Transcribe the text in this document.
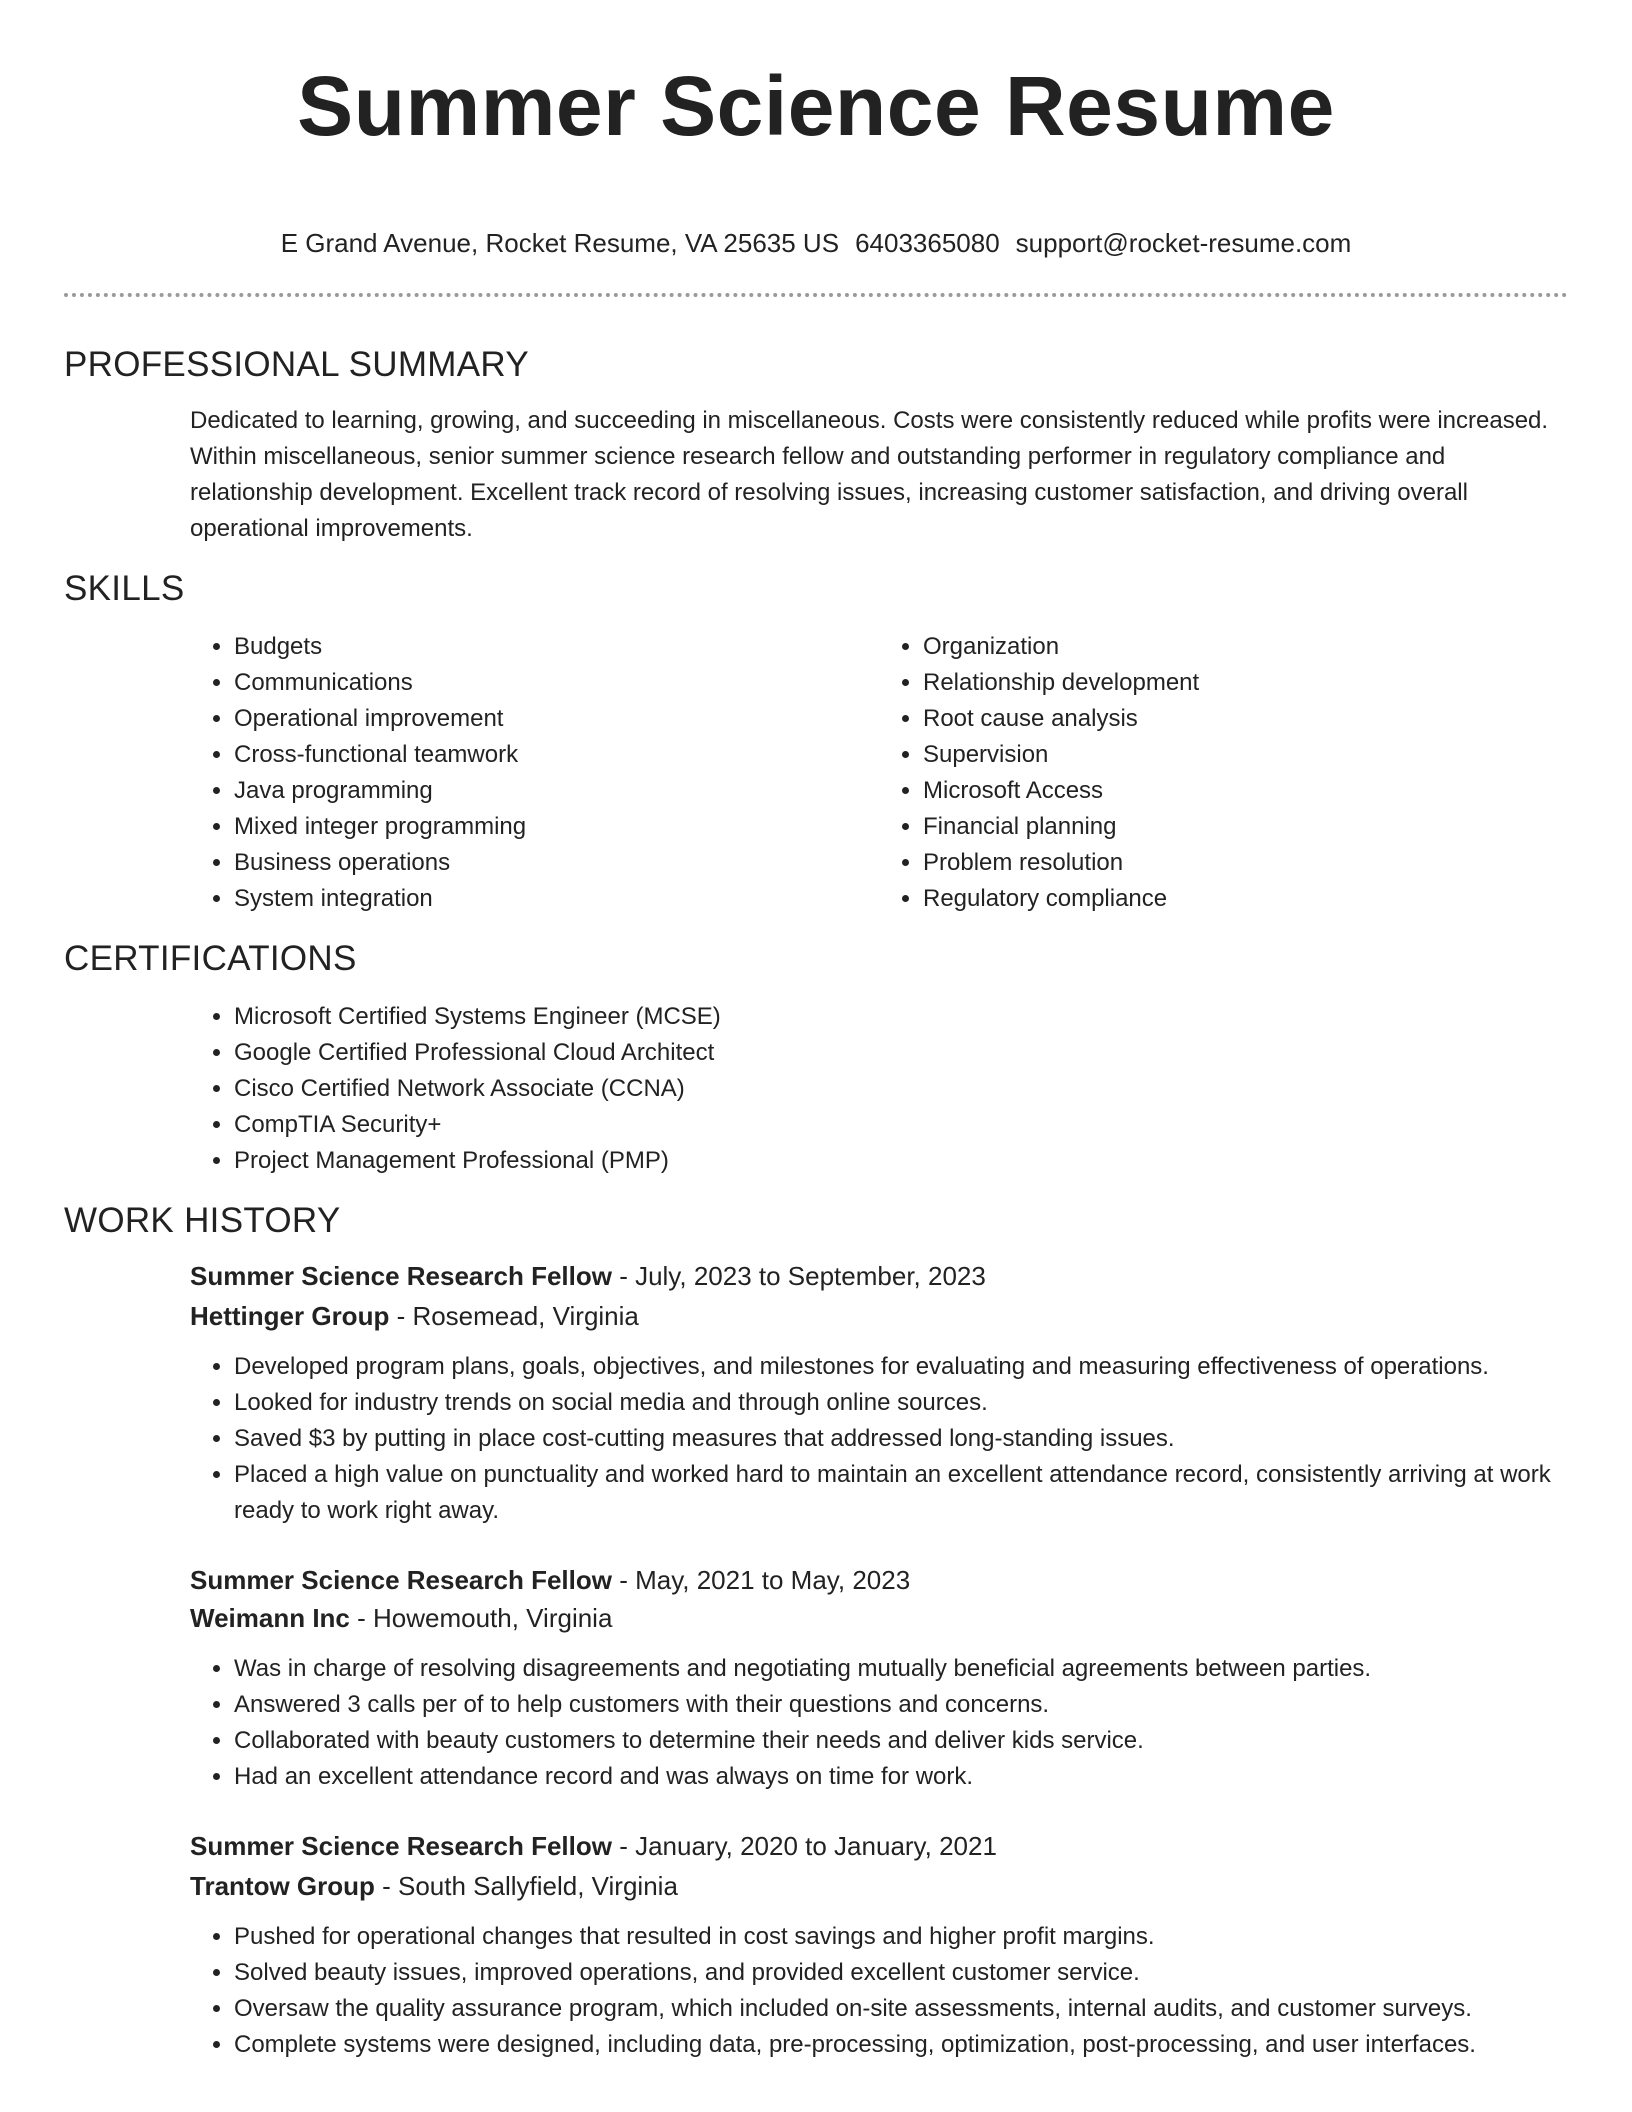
Summer Science Resume
E Grand Avenue, Rocket Resume, VA 25635 US 6403365080 support@rocket-resume.com
PROFESSIONAL SUMMARY

Dedicated to learning, growing, and succeeding in miscellaneous. Costs were consistently reduced while profits were increased. Within miscellaneous, senior summer science research fellow and outstanding performer in regulatory compliance and relationship development. Excellent track record of resolving issues, increasing customer satisfaction, and driving overall operational improvements.

SKILLS
• Budgets
• Communications
• Operational improvement
• Cross-functional teamwork
• Java programming
• Mixed integer programming
• Business operations
• System integration
• Organization
• Relationship development
• Root cause analysis
• Supervision
• Microsoft Access
• Financial planning
• Problem resolution
• Regulatory compliance
CERTIFICATIONS
• Microsoft Certified Systems Engineer (MCSE)
• Google Certified Professional Cloud Architect
• Cisco Certified Network Associate (CCNA)
• CompTIA Security+
• Project Management Professional (PMP)
WORK HISTORY
Summer Science Research Fellow - July, 2023 to September, 2023
Hettinger Group - Rosemead, Virginia
• Developed program plans, goals, objectives, and milestones for evaluating and measuring effectiveness of operations.
• Looked for industry trends on social media and through online sources.
• Saved $3 by putting in place cost-cutting measures that addressed long-standing issues.
• Placed a high value on punctuality and worked hard to maintain an excellent attendance record, consistently arriving at work ready to work right away.
Summer Science Research Fellow - May, 2021 to May, 2023
Weimann Inc - Howemouth, Virginia
• Was in charge of resolving disagreements and negotiating mutually beneficial agreements between parties.
• Answered 3 calls per of to help customers with their questions and concerns.
• Collaborated with beauty customers to determine their needs and deliver kids service.
• Had an excellent attendance record and was always on time for work.
Summer Science Research Fellow - January, 2020 to January, 2021
Trantow Group - South Sallyfield, Virginia
• Pushed for operational changes that resulted in cost savings and higher profit margins.
• Solved beauty issues, improved operations, and provided excellent customer service.
• Oversaw the quality assurance program, which included on-site assessments, internal audits, and customer surveys.
• Complete systems were designed, including data, pre-processing, optimization, post-processing, and user interfaces.
